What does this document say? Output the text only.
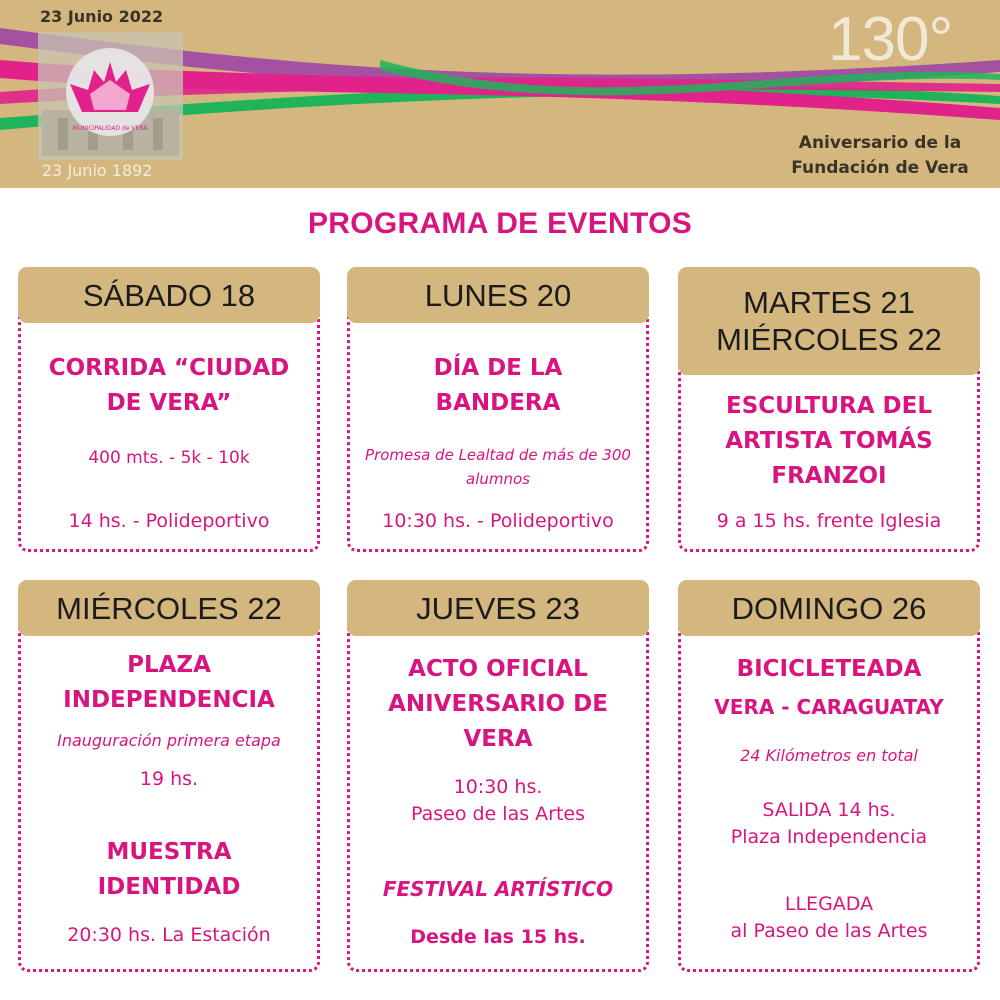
23 Junio 2022
MUNICIPALIDAD de VERA
23 Junio 1892
130°
Aniversario de la
Fundación de Vera
PROGRAMA DE EVENTOS
SÁBADO 18
CORRIDA “CIUDAD DE VERA”
400 mts. - 5k - 10k
14 hs. - Polideportivo
LUNES 20
DÍA DE LA BANDERA
Promesa de Lealtad de más de 300 alumnos
10:30 hs. - Polideportivo
MARTES 21
MIÉRCOLES 22
ESCULTURA DEL ARTISTA TOMÁS FRANZOI
9 a 15 hs. frente Iglesia
MIÉRCOLES 22
PLAZA INDEPENDENCIA
Inauguración primera etapa
19 hs.
MUESTRA IDENTIDAD
20:30 hs. La Estación
JUEVES 23
ACTO OFICIAL ANIVERSARIO DE VERA
10:30 hs.
Paseo de las Artes
FESTIVAL ARTÍSTICO
Desde las 15 hs.
DOMINGO 26
BICICLETEADA
VERA - CARAGUATAY
24 Kilómetros en total
SALIDA 14 hs.
Plaza Independencia
LLEGADA
al Paseo de las Artes
